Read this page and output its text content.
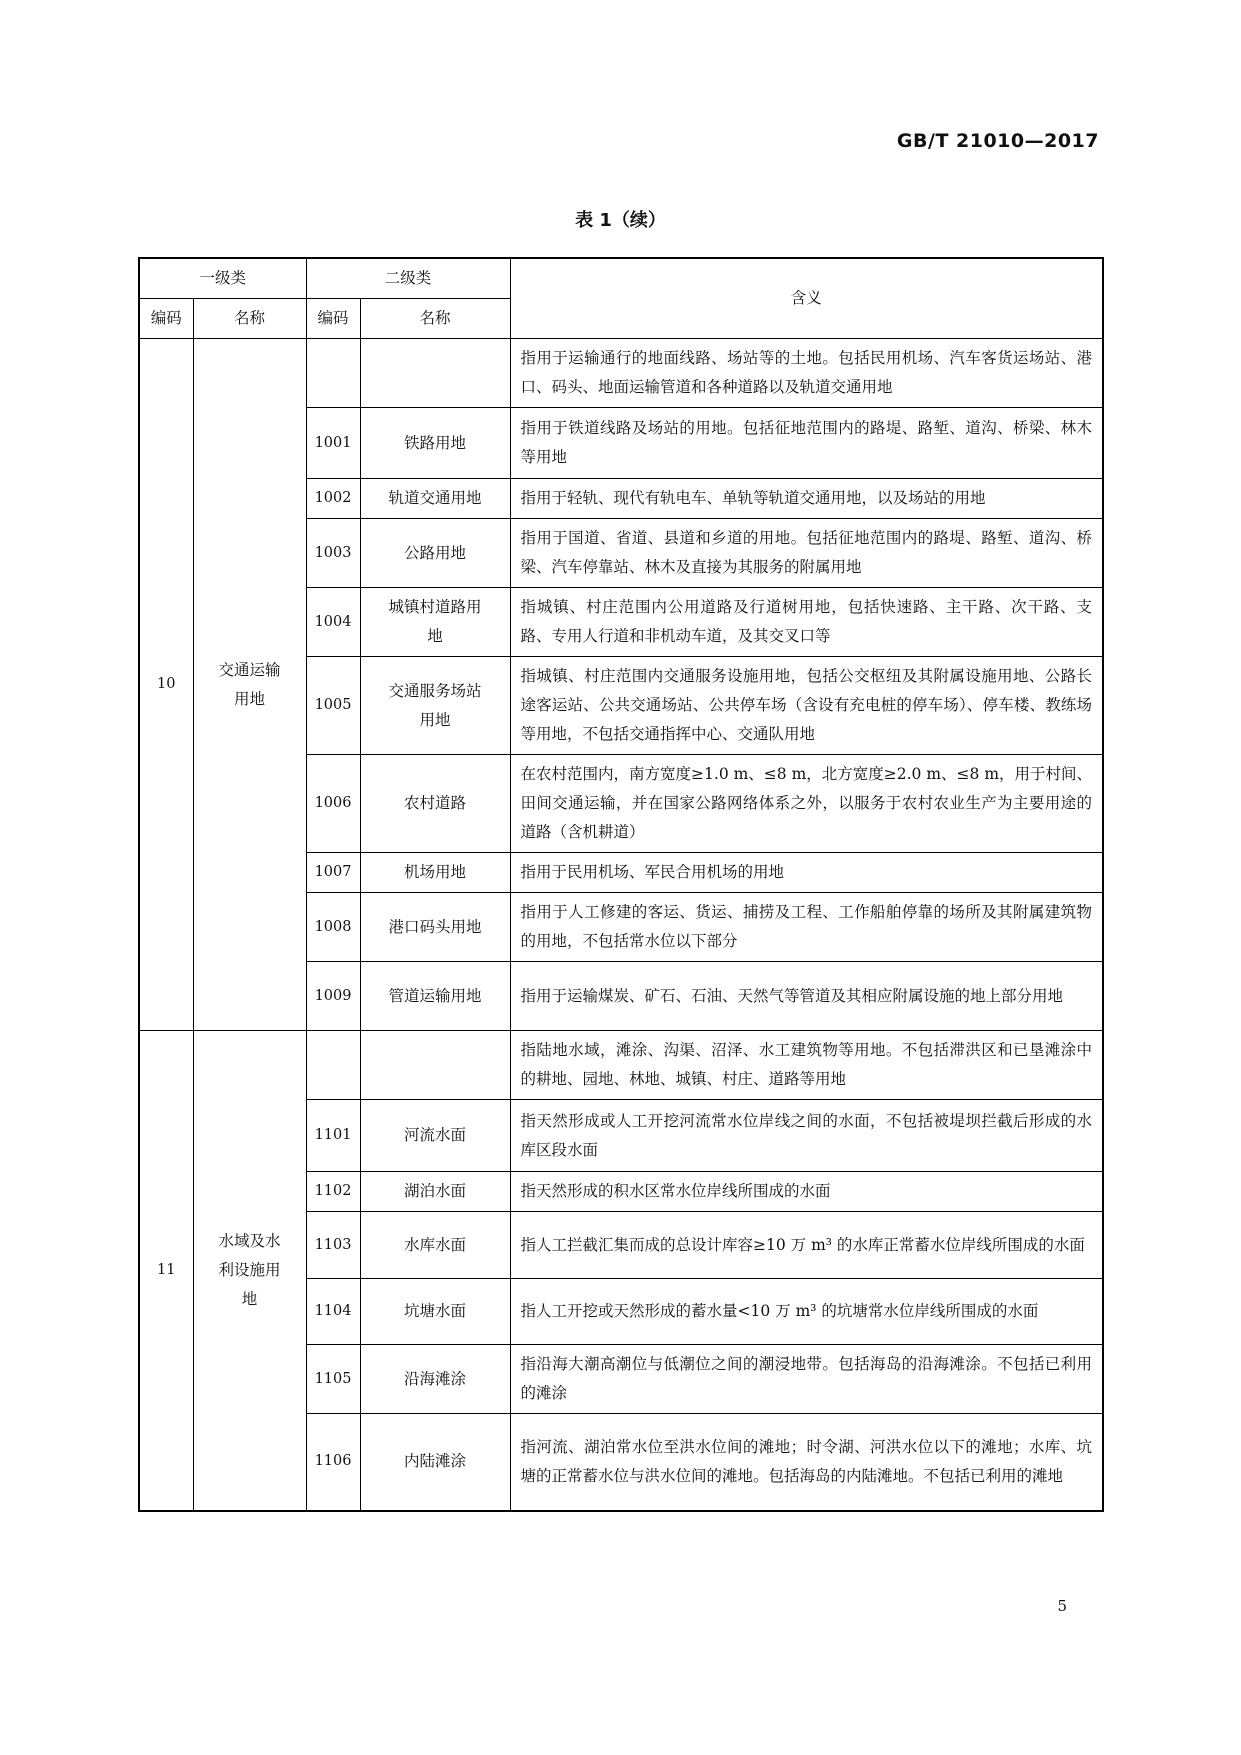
GB/T 21010—2017
表 1（续）
一级类		二级类		含义
编码	名称	编码	名称	
10	交通运输用地			指用于运输通行的地面线路、场站等的土地。包括民用机场、汽车客货运场站、港口、码头、地面运输管道和各种道路以及轨道交通用地
		1001	铁路用地	指用于铁道线路及场站的用地。包括征地范围内的路堤、路堑、道沟、桥梁、林木等用地
		1002	轨道交通用地	指用于轻轨、现代有轨电车、单轨等轨道交通用地，以及场站的用地
		1003	公路用地	指用于国道、省道、县道和乡道的用地。包括征地范围内的路堤、路堑、道沟、桥梁、汽车停靠站、林木及直接为其服务的附属用地
		1004	城镇村道路用地	指城镇、村庄范围内公用道路及行道树用地，包括快速路、主干路、次干路、支路、专用人行道和非机动车道，及其交叉口等
		1005	交通服务场站用地	指城镇、村庄范围内交通服务设施用地，包括公交枢纽及其附属设施用地、公路长途客运站、公共交通场站、公共停车场（含设有充电桩的停车场）、停车楼、教练场等用地，不包括交通指挥中心、交通队用地
		1006	农村道路	在农村范围内，南方宽度≥1.0 m、≤8 m，北方宽度≥2.0 m、≤8 m，用于村间、田间交通运输，并在国家公路网络体系之外，以服务于农村农业生产为主要用途的道路（含机耕道）
		1007	机场用地	指用于民用机场、军民合用机场的用地
		1008	港口码头用地	指用于人工修建的客运、货运、捕捞及工程、工作船舶停靠的场所及其附属建筑物的用地，不包括常水位以下部分
		1009	管道运输用地	指用于运输煤炭、矿石、石油、天然气等管道及其相应附属设施的地上部分用地
11	水域及水利设施用地			指陆地水域，滩涂、沟渠、沼泽、水工建筑物等用地。不包括滞洪区和已垦滩涂中的耕地、园地、林地、城镇、村庄、道路等用地
		1101	河流水面	指天然形成或人工开挖河流常水位岸线之间的水面，不包括被堤坝拦截后形成的水库区段水面
		1102	湖泊水面	指天然形成的积水区常水位岸线所围成的水面
		1103	水库水面	指人工拦截汇集而成的总设计库容≥10 万 m³ 的水库正常蓄水位岸线所围成的水面
		1104	坑塘水面	指人工开挖或天然形成的蓄水量<10 万 m³ 的坑塘常水位岸线所围成的水面
		1105	沿海滩涂	指沿海大潮高潮位与低潮位之间的潮浸地带。包括海岛的沿海滩涂。不包括已利用的滩涂
		1106	内陆滩涂	指河流、湖泊常水位至洪水位间的滩地；时令湖、河洪水位以下的滩地；水库、坑塘的正常蓄水位与洪水位间的滩地。包括海岛的内陆滩地。不包括已利用的滩地
5
